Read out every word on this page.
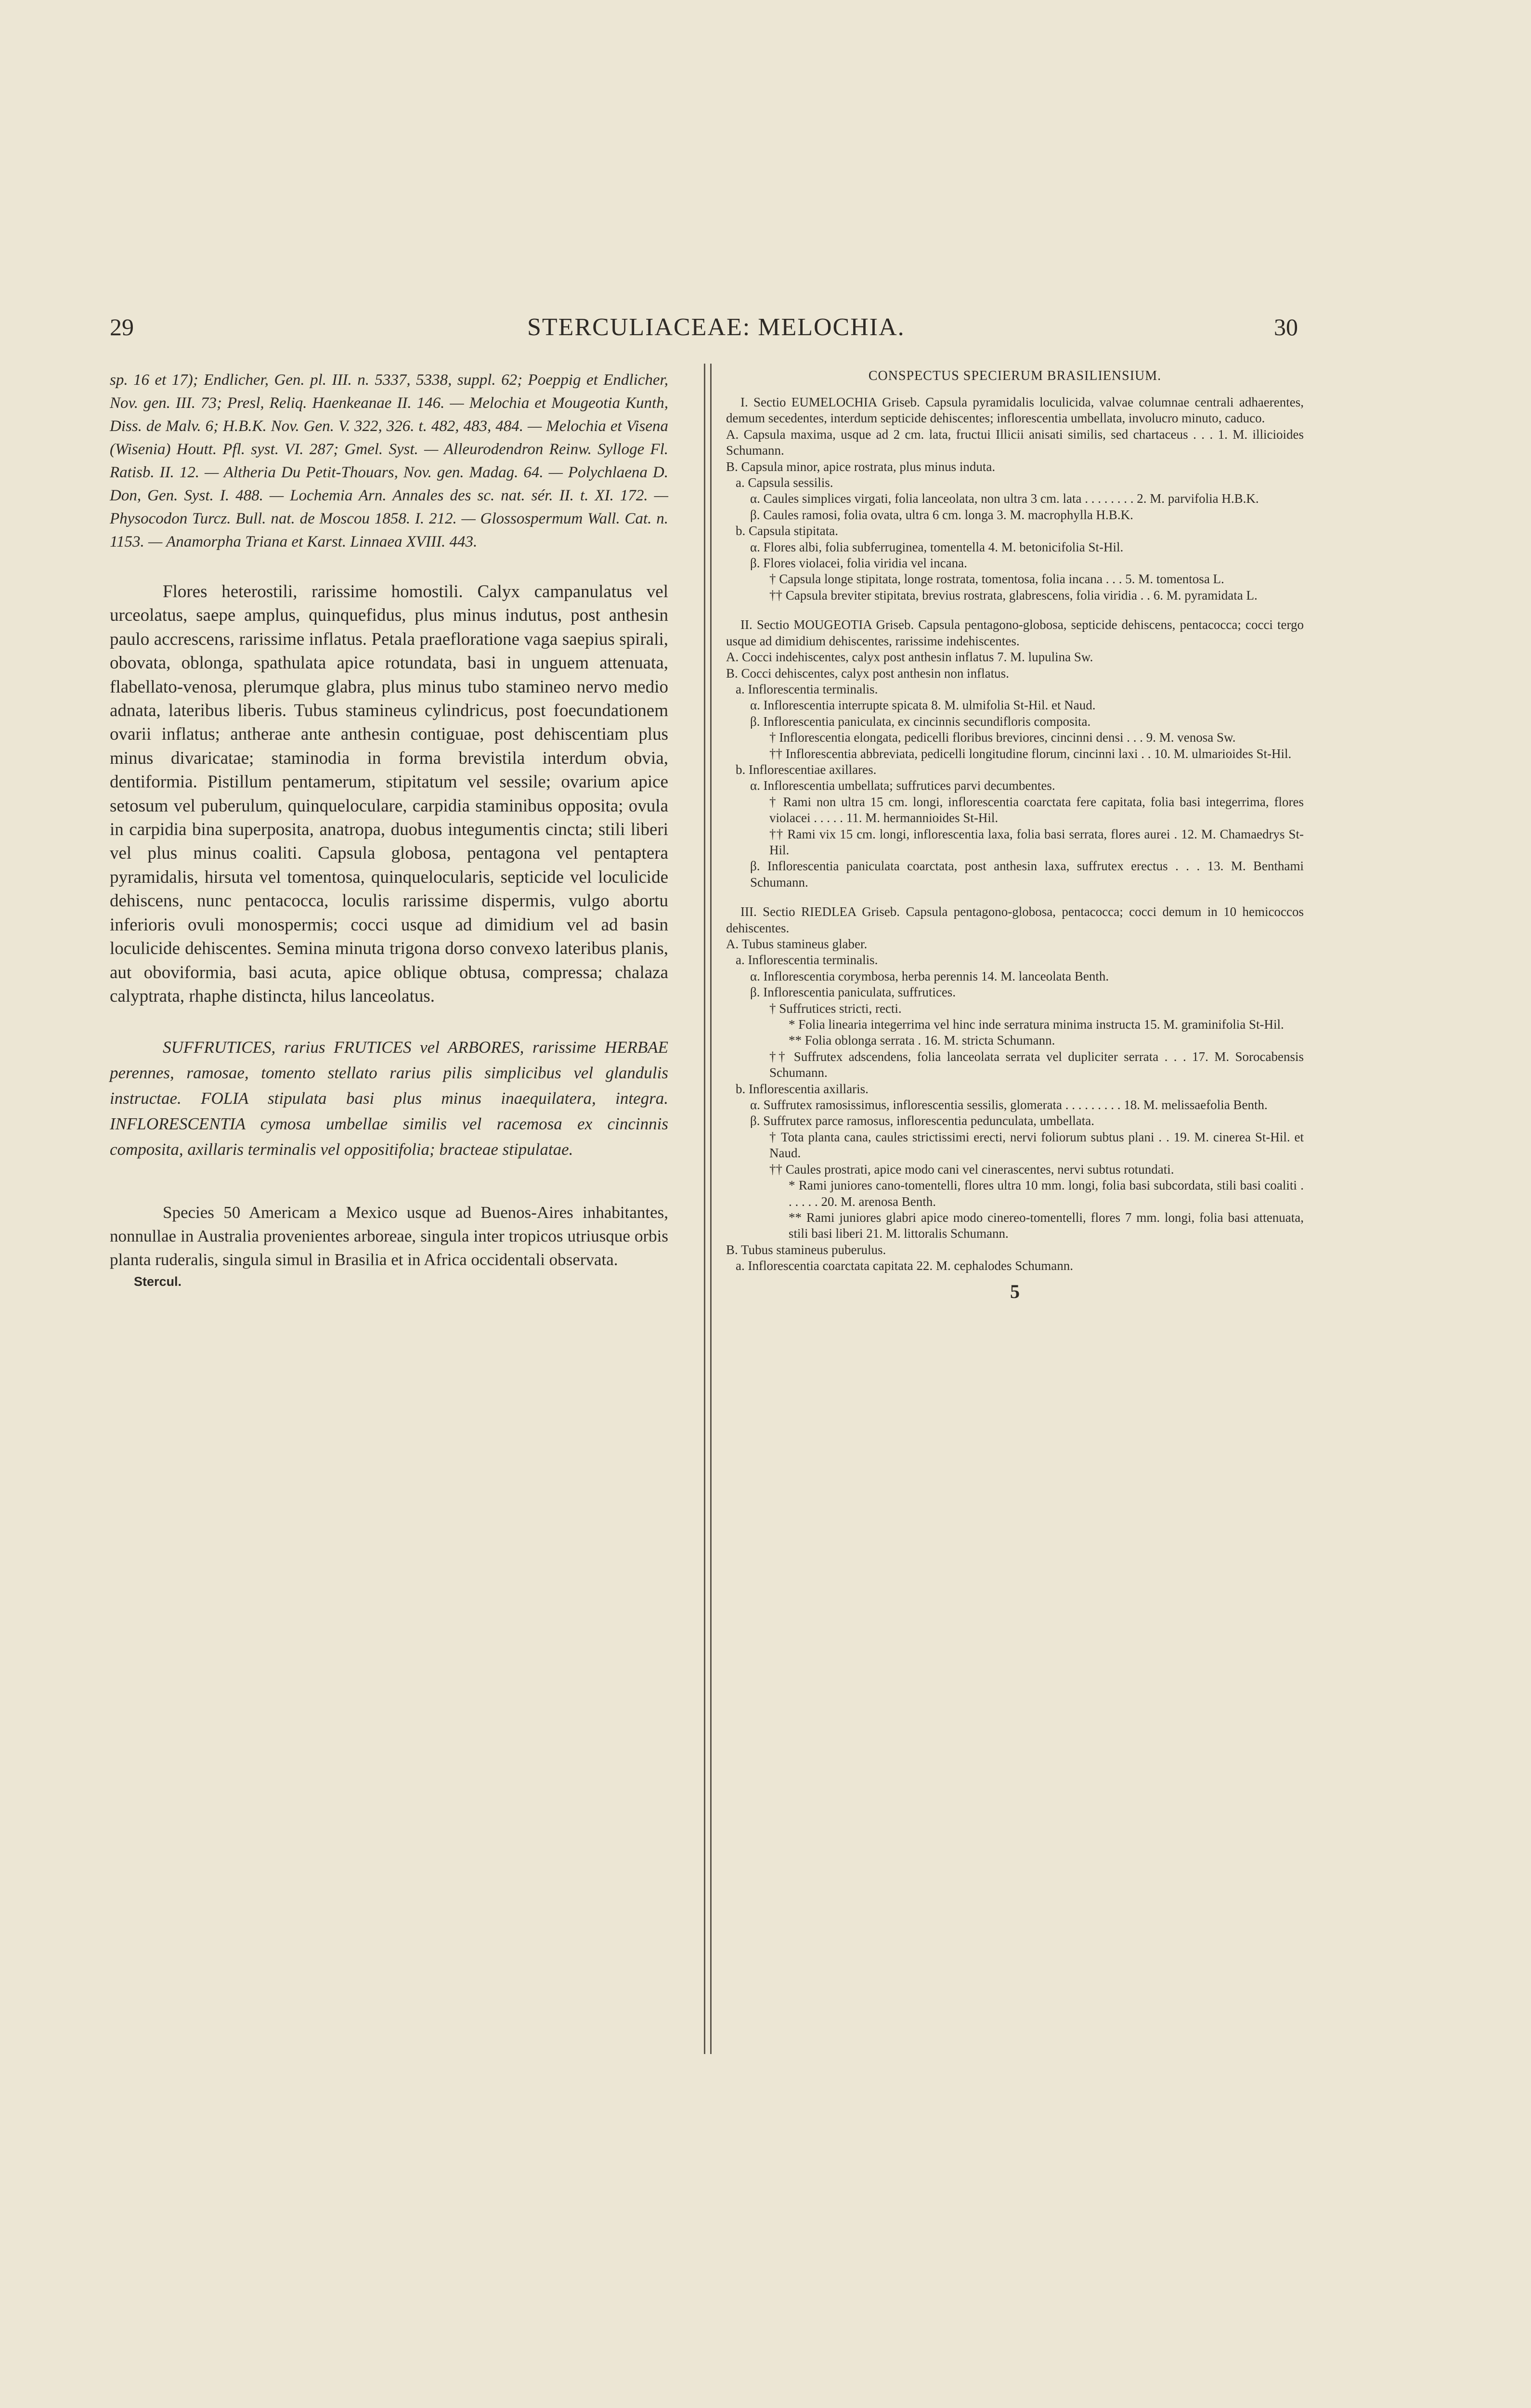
29	STERCULIACEAE: MELOCHIA.	30

sp. 16 et 17); Endlicher, Gen. pl. III. n. 5337, 5338, suppl. 62; Poeppig et Endlicher, Nov. gen. III. 73; Presl, Reliq. Haenkeanae II. 146. — Melochia et Mougeotia Kunth, Diss. de Malv. 6; H.B.K. Nov. Gen. V. 322, 326. t. 482, 483, 484. — Melochia et Visena (Wisenia) Houtt. Pfl. syst. VI. 287; Gmel. Syst. — Alleurodendron Reinw. Sylloge Fl. Ratisb. II. 12. — Altheria Du Petit-Thouars, Nov. gen. Madag. 64. — Polychlaena D. Don, Gen. Syst. I. 488. — Lochemia Arn. Annales des sc. nat. sér. II. t. XI. 172. — Physocodon Turcz. Bull. nat. de Moscou 1858. I. 212. — Glossospermum Wall. Cat. n. 1153. — Anamorpha Triana et Karst. Linnaea XVIII. 443.

Flores heterostili, rarissime homostili. Calyx campanulatus vel urceolatus, saepe amplus, quinquefidus, plus minus indutus, post anthesin paulo accrescens, rarissime inflatus. Petala praefloratione vaga saepius spirali, obovata, oblonga, spathulata apice rotundata, basi in unguem attenuata, flabellato-venosa, plerumque glabra, plus minus tubo stamineo nervo medio adnata, lateribus liberis. Tubus stamineus cylindricus, post foecundationem ovarii inflatus; antherae ante anthesin contiguae, post dehiscentiam plus minus divaricatae; staminodia in forma brevistila interdum obvia, dentiformia. Pistillum pentamerum, stipitatum vel sessile; ovarium apice setosum vel puberulum, quinqueloculare, carpidia staminibus opposita; ovula in carpidia bina superposita, anatropa, duobus integumentis cincta; stili liberi vel plus minus coaliti. Capsula globosa, pentagona vel pentaptera pyramidalis, hirsuta vel tomentosa, quinquelocularis, septicide vel loculicide dehiscens, nunc pentacocca, loculis rarissime dispermis, vulgo abortu inferioris ovuli monospermis; cocci usque ad dimidium vel ad basin loculicide dehiscentes. Semina minuta trigona dorso convexo lateribus planis, aut oboviformia, basi acuta, apice oblique obtusa, compressa; chalaza calyptrata, rhaphe distincta, hilus lanceolatus.

SUFFRUTICES, rarius FRUTICES vel ARBORES, rarissime HERBAE perennes, ramosae, tomento stellato rarius pilis simplicibus vel glandulis instructae. FOLIA stipulata basi plus minus inaequilatera, integra. INFLORESCENTIA cymosa umbellae similis vel racemosa ex cincinnis composita, axillaris terminalis vel oppositifolia; bracteae stipulatae.

Species 50 Americam a Mexico usque ad Buenos-Aires inhabitantes, nonnullae in Australia provenientes arboreae, singula inter tropicos utriusque orbis planta ruderalis, singula simul in Brasilia et in Africa occidentali observata.

Stercul.
CONSPECTUS SPECIERUM BRASILIENSIUM.

I. Sectio EUMELOCHIA Griseb. Capsula pyramidalis loculicida, valvae columnae centrali adhaerentes, demum secedentes, interdum septicide dehiscentes; inflorescentia umbellata, involucro minuto, caduco.

A. Capsula maxima, usque ad 2 cm. lata, fructui Illicii anisati similis, sed chartaceus . . . 1. M. illicioides Schumann.

B. Capsula minor, apice rostrata, plus minus induta.

a. Capsula sessilis.

α. Caules simplices virgati, folia lanceolata, non ultra 3 cm. lata . . . . . . . . 2. M. parvifolia H.B.K.

β. Caules ramosi, folia ovata, ultra 6 cm. longa 3. M. macrophylla H.B.K.

b. Capsula stipitata.

α. Flores albi, folia subferruginea, tomentella 4. M. betonicifolia St-Hil.

β. Flores violacei, folia viridia vel incana.

† Capsula longe stipitata, longe rostrata, tomentosa, folia incana . . . 5. M. tomentosa L.

†† Capsula breviter stipitata, brevius rostrata, glabrescens, folia viridia . . 6. M. pyramidata L.

II. Sectio MOUGEOTIA Griseb. Capsula pentagono-globosa, septicide dehiscens, pentacocca; cocci tergo usque ad dimidium dehiscentes, rarissime indehiscentes.

A. Cocci indehiscentes, calyx post anthesin inflatus 7. M. lupulina Sw.

B. Cocci dehiscentes, calyx post anthesin non inflatus.

a. Inflorescentia terminalis.

α. Inflorescentia interrupte spicata 8. M. ulmifolia St-Hil. et Naud.

β. Inflorescentia paniculata, ex cincinnis secundifloris composita.

† Inflorescentia elongata, pedicelli floribus breviores, cincinni densi . . . 9. M. venosa Sw.

†† Inflorescentia abbreviata, pedicelli longitudine florum, cincinni laxi . . 10. M. ulmarioides St-Hil.

b. Inflorescentiae axillares.

α. Inflorescentia umbellata; suffrutices parvi decumbentes.

† Rami non ultra 15 cm. longi, inflorescentia coarctata fere capitata, folia basi integerrima, flores violacei . . . . . 11. M. hermannioides St-Hil.

†† Rami vix 15 cm. longi, inflorescentia laxa, folia basi serrata, flores aurei . 12. M. Chamaedrys St-Hil.

β. Inflorescentia paniculata coarctata, post anthesin laxa, suffrutex erectus . . . 13. M. Benthami Schumann.

III. Sectio RIEDLEA Griseb. Capsula pentagono-globosa, pentacocca; cocci demum in 10 hemicoccos dehiscentes.

A. Tubus stamineus glaber.

a. Inflorescentia terminalis.

α. Inflorescentia corymbosa, herba perennis 14. M. lanceolata Benth.

β. Inflorescentia paniculata, suffrutices.

† Suffrutices stricti, recti.

* Folia linearia integerrima vel hinc inde serratura minima instructa 15. M. graminifolia St-Hil.

** Folia oblonga serrata . 16. M. stricta Schumann.

†† Suffrutex adscendens, folia lanceolata serrata vel dupliciter serrata . . . 17. M. Sorocabensis Schumann.

b. Inflorescentia axillaris.

α. Suffrutex ramosissimus, inflorescentia sessilis, glomerata . . . . . . . . . 18. M. melissaefolia Benth.

β. Suffrutex parce ramosus, inflorescentia pedunculata, umbellata.

† Tota planta cana, caules strictissimi erecti, nervi foliorum subtus plani . . 19. M. cinerea St-Hil. et Naud.

†† Caules prostrati, apice modo cani vel cinerascentes, nervi subtus rotundati.

* Rami juniores cano-tomentelli, flores ultra 10 mm. longi, folia basi subcordata, stili basi coaliti . . . . . . 20. M. arenosa Benth.

** Rami juniores glabri apice modo cinereo-tomentelli, flores 7 mm. longi, folia basi attenuata, stili basi liberi 21. M. littoralis Schumann.

B. Tubus stamineus puberulus.

a. Inflorescentia coarctata capitata 22. M. cephalodes Schumann.

5
